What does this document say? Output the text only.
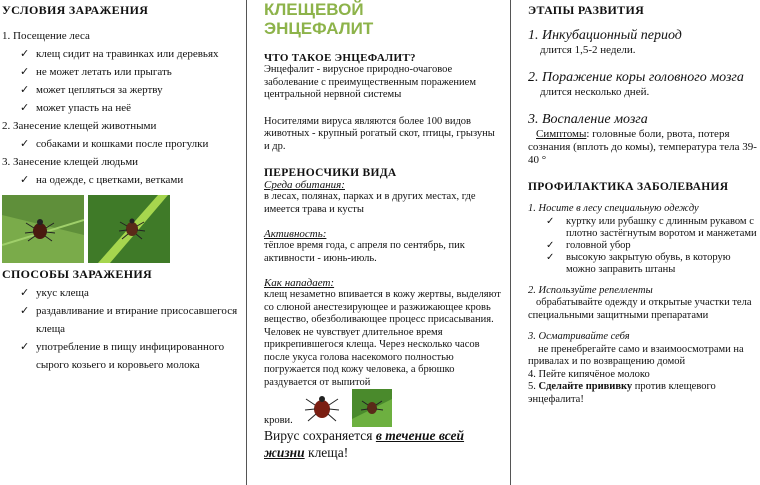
УСЛОВИЯ ЗАРАЖЕНИЯ

1. Посещение леса
✓ клещ сидит на травинках или деревьях
✓ не может летать или прыгать
✓ может цепляться за жертву
✓ может упасть на неё
2. Занесение клещей животными
✓ собаками и кошками после прогулки
3. Занесение клещей людьми
✓ на одежде, с цветками, ветками

СПОСОБЫ ЗАРАЖЕНИЯ

✓ укус клеща
✓ раздавливание и втирание присосавшегося клеща
✓ употребление в пищу инфицированного сырого козьего и коровьего молока

КЛЕЩЕВОЙ

ЭНЦЕФАЛИТ

ЧТО ТАКОЕ ЭНЦЕФАЛИТ?

Энцефалит - вирусное природно-очаговое заболевание с преимущественным поражением центральной нервной системы

Носителями вируса являются более 100 видов животных - крупный рогатый скот, птицы, грызуны и др.

ПЕРЕНОСЧИКИ ВИДА

Среда обитания:

в лесах, полянах, парках и в других местах, где имеется трава и кусты

Активность:

тёплое время года, с апреля по сентябрь, пик активности - июнь-июль.

Как нападает:

клещ незаметно впивается в кожу жертвы, выделяют со слюной анестезирующее и разжижающее кровь вещество, обезболивающее процесс присасывания. Человек не чувствует длительное время прикрепившегося клеща. Через несколько часов после укуса голова насекомого полностью погружается под кожу человека, а брюшко раздувается от выпитой

крови.

Вирус сохраняется в течение всей жизни клеща!

ЭТАПЫ РАЗВИТИЯ

1. Инкубационный период

длится 1,5-2 недели.

2. Поражение коры головного мозга

длится несколько дней.

3. Воспаление мозга

Симптомы: головные боли, рвота, потеря сознания (вплоть до комы), температура тела 39-40 °

ПРОФИЛАКТИКА ЗАБОЛЕВАНИЯ

1. Носите в лесу специальную одежду

✓ куртку или рубашку с длинным рукавом с плотно застёгнутым воротом и манжетами

✓ головной убор

✓ высокую закрытую обувь, в которую можно заправить штаны

2. Используйте репелленты

обрабатывайте одежду и открытые участки тела специальными защитными препаратами

3. Осматривайте себя

не пренебрегайте само и взаимоосмотрами на привалах и по возвращению домой

4. Пейте кипячёное молоко

5. Сделайте прививку против клещевого энцефалита!
